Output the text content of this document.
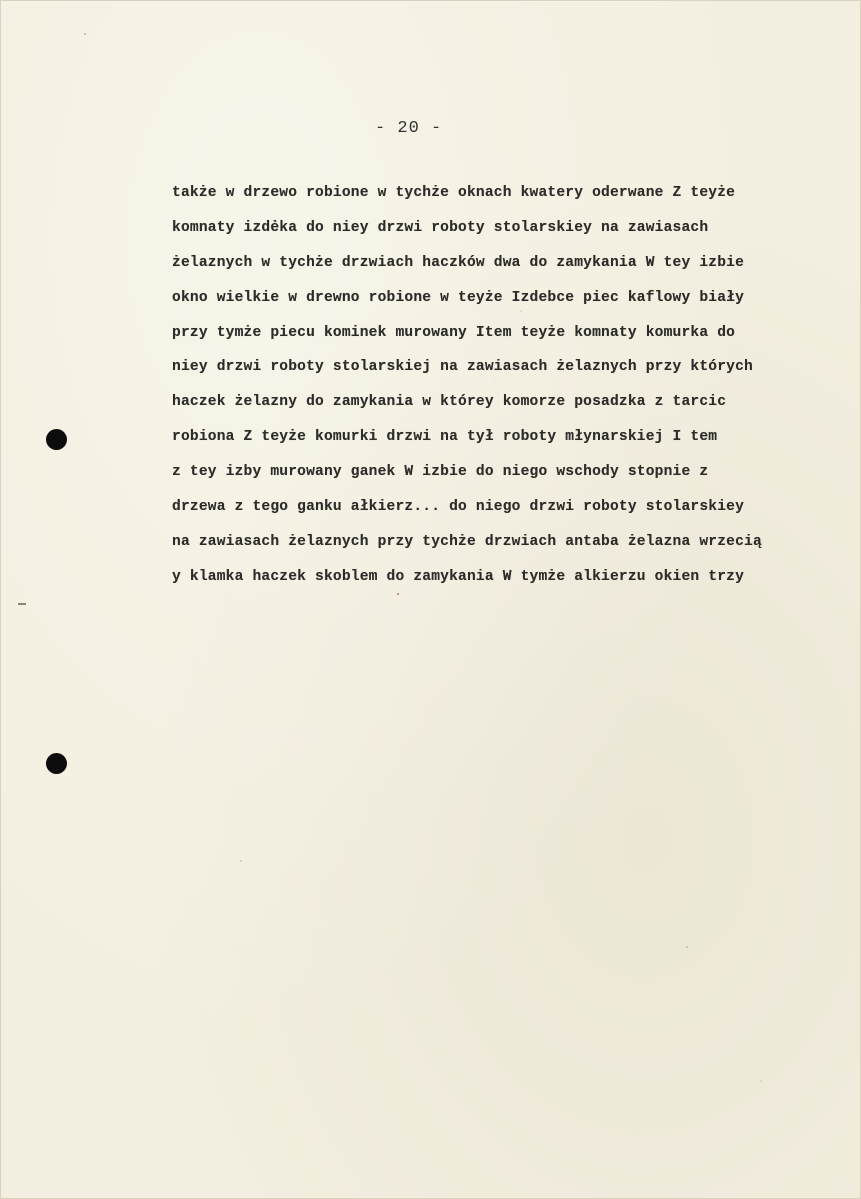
- 20 -
także w drzewo robione w tychże oknach kwatery oderwane Z teyże
komnaty izdẻka do niey drzwi roboty stolarskiey na zawiasach
żelaznych w tychże drzwiach haczków dwa do zamykania W tey izbie
okno wielkie w drewno robione w teyże Izdebce piec kaflowy biały
przy tymże piecu kominek murowany Item teyże komnaty komurka do
niey drzwi roboty stolarskiej na zawiasach żelaznych przy których
haczek żelazny do zamykania w którey komorze posadzka z tarcic
robiona Z teyże komurki drzwi na tył roboty młynarskiej I tem
z tey izby murowany ganek W izbie do niego wschody stopnie z
drzewa z tego ganku ałkierz... do niego drzwi roboty stolarskiey
na zawiasach żelaznych przy tychże drzwiach antaba żelazna wrzecią
y klamka haczek skoblem do zamykania W tymże alkierzu okien trzy
